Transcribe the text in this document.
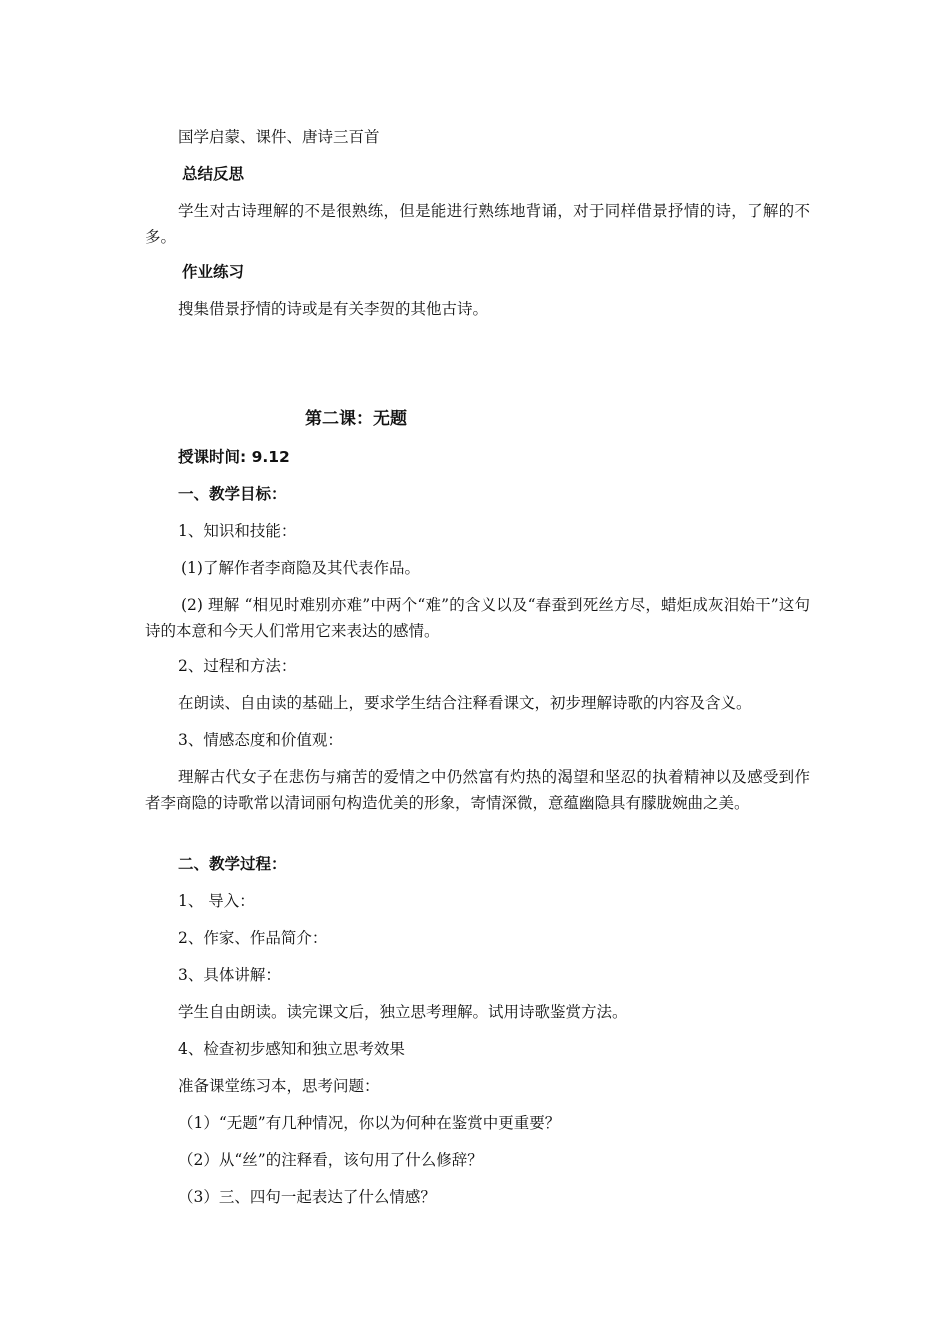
国学启蒙、课件、唐诗三百首
总结反思
学生对古诗理解的不是很熟练，但是能进行熟练地背诵，对于同样借景抒情的诗，了解的不多。
作业练习
搜集借景抒情的诗或是有关李贺的其他古诗。
第二课：无题
授课时间: 9.12
一、教学目标：
1、知识和技能：
(1)了解作者李商隐及其代表作品。
(2) 理解 “相见时难别亦难”中两个“难”的含义以及“春蚕到死丝方尽，蜡炬成灰泪始干”这句诗的本意和今天人们常用它来表达的感情。
2、过程和方法：
在朗读、自由读的基础上，要求学生结合注释看课文，初步理解诗歌的内容及含义。
3、情感态度和价值观：
理解古代女子在悲伤与痛苦的爱情之中仍然富有灼热的渴望和坚忍的执着精神以及感受到作者李商隐的诗歌常以清词丽句构造优美的形象，寄情深微，意蕴幽隐具有朦胧婉曲之美。
二、教学过程：
1、 导入：
2、作家、作品简介：
3、具体讲解：
学生自由朗读。读完课文后，独立思考理解。试用诗歌鉴赏方法。
4、检查初步感知和独立思考效果
准备课堂练习本，思考问题：
（1）“无题”有几种情况，你以为何种在鉴赏中更重要？
（2）从“丝”的注释看，该句用了什么修辞？
（3）三、四句一起表达了什么情感？
